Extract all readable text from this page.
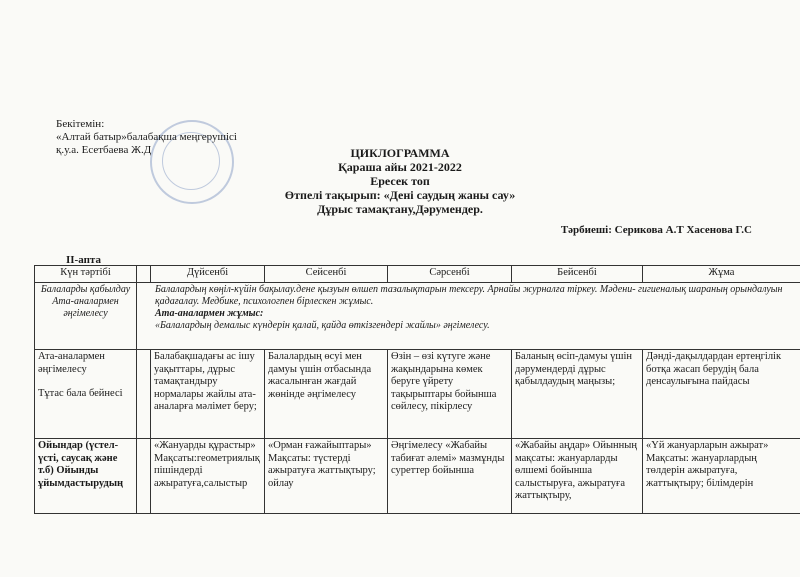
Бекітемін:
«Алтай батыр»балабақша меңгерушісі
қ.у.а. Есетбаева Ж.Д	ЦИКЛОГРАММА
Қараша айы 2021-2022
Ересек топ
Өтпелі тақырып: «Дені саудың жаны сау»
Дұрыс тамақтану,Дәрумендер.
Тәрбиеші: Серикова А.Т Хасенова Г.С
II-апта
Күн тәртібі		Дүйсенбі	Сейсенбі	Сәрсенбі	Бейсенбі	Жұма
Балаларды қабылдау Ата-аналармен әңгімелесу	Балалардың көңіл-күйін бақылау.дене қызуын өлшеп тазалықтарын тексеру. Арнайы журналға тіркеу. Мәдени- гигиеналық шараның орындалуын қадағалау. Медбике, психологпен бірлескен жұмыс.
Ата-аналармен жұмыс:
«Балалардың демалыс күндерін қалай, қайда өткізгендері жайлы» әңгімелесу.					

Ата-аналармен әңгімелесу
Тұтас бала бейнесі		Балабақшадағы ас ішу уақыттары, дұрыс тамақтандыру нормалары жайлы ата-аналарға мәлімет беру;	Балалардың өсуі мен дамуы үшін отбасында жасалынған жағдай жөнінде әңгімелесу	Өзін – өзі күтуге және жақындарына көмек беруге үйрету тақырыптары бойынша сөйлесу, пікірлесу	Баланың өсіп-дамуы үшін дәрумендерді дұрыс қабылдаудың маңызы;	Дәнді-дақылдардан ертеңгілік ботқа жасап берудің бала денсаулығына пайдасы
Ойындар (үстел-үсті, саусақ және т.б) Ойынды ұйымдастырудың		«Жануарды құрастыр» Мақсаты:геометриялық пішіндерді ажыратуға,салыстыр	«Орман ғажайыптары» Мақсаты: түстерді ажыратуға жаттықтыру; ойлау	Әңгімелесу «Жабайы табиғат әлемі» мазмұнды суреттер бойынша	«Жабайы аңдар» Ойынның мақсаты: жануарларды өлшемі бойынша салыстыруға, ажыратуға жаттықтыру,	«Үй жануарларын ажырат» Мақсаты: жануарлардың төлдерін ажыратуға, жаттықтыру; білімдерін
